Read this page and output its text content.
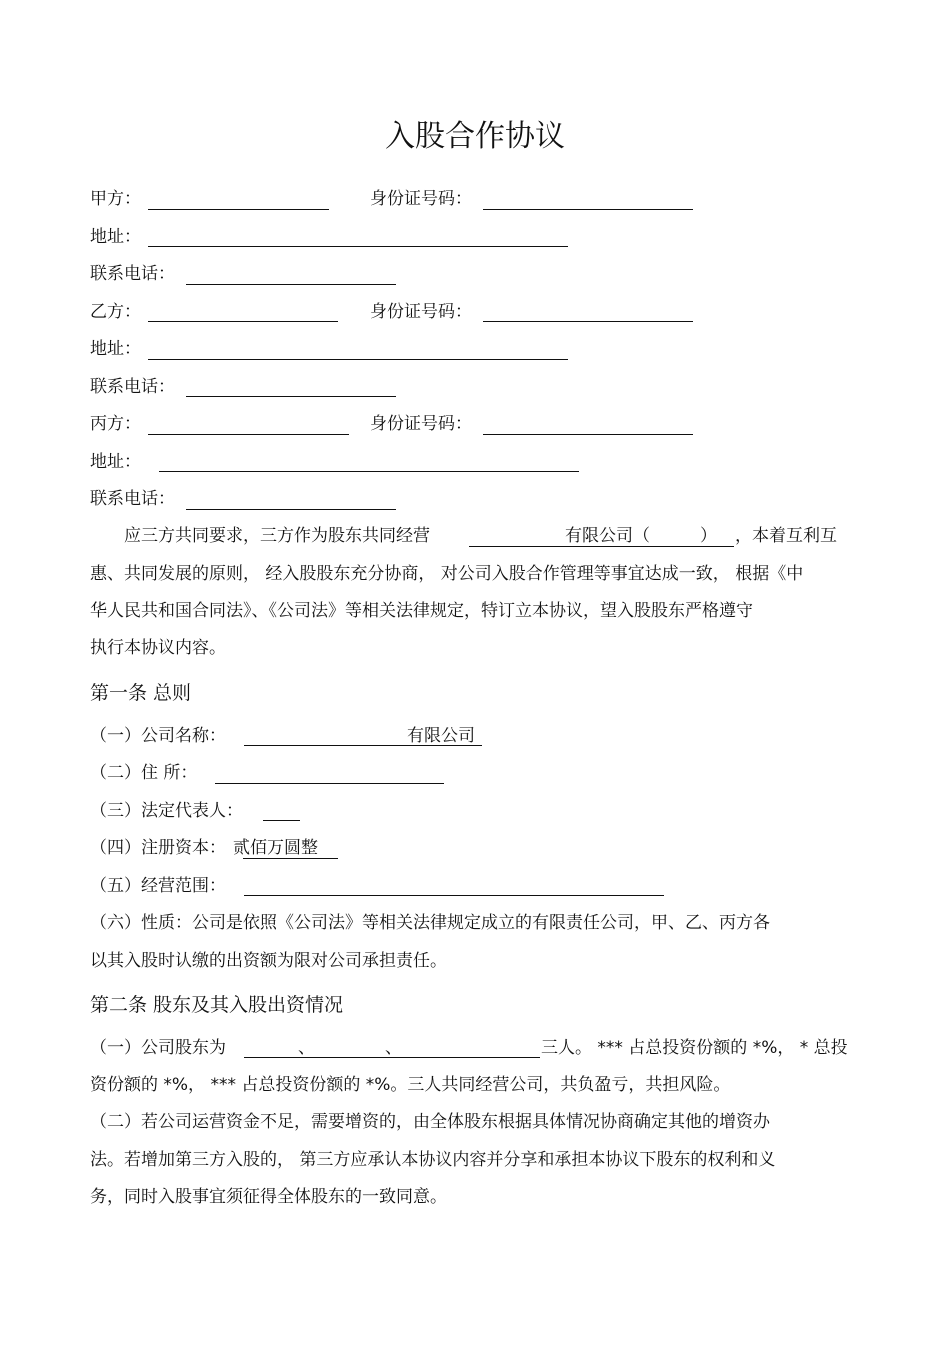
入股合作协议
甲方：	身份证号码：
地址：
联系电话：
乙方：	身份证号码：
地址：
联系电话：
丙方：	身份证号码：
地址：
联系电话：
应三方共同要求，三方作为股东共同经营	有限公司（	） ，本着互利互
惠、共同发展的原则， 经入股股东充分协商， 对公司入股合作管理等事宜达成一致， 根据《中
华人民共和国合同法》、《公司法》等相关法律规定，特订立本协议，望入股股东严格遵守
执行本协议内容。
第一条 总则
（一）公司名称：	有限公司
（二）住 所：
（三）法定代表人：
（四）注册资本： 贰佰万圆整
（五）经营范围：
（六）性质：公司是依照《公司法》等相关法律规定成立的有限责任公司，甲、乙、丙方各
以其入股时认缴的出资额为限对公司承担责任。
第二条 股东及其入股出资情况
（一）公司股东为	、	、	三人。 *** 占总投资份额的 *%， * 总投
资份额的 *%， *** 占总投资份额的 *%。三人共同经营公司，共负盈亏，共担风险。
（二）若公司运营资金不足，需要增资的，由全体股东根据具体情况协商确定其他的增资办
法。若增加第三方入股的， 第三方应承认本协议内容并分享和承担本协议下股东的权利和义
务，同时入股事宜须征得全体股东的一致同意。
